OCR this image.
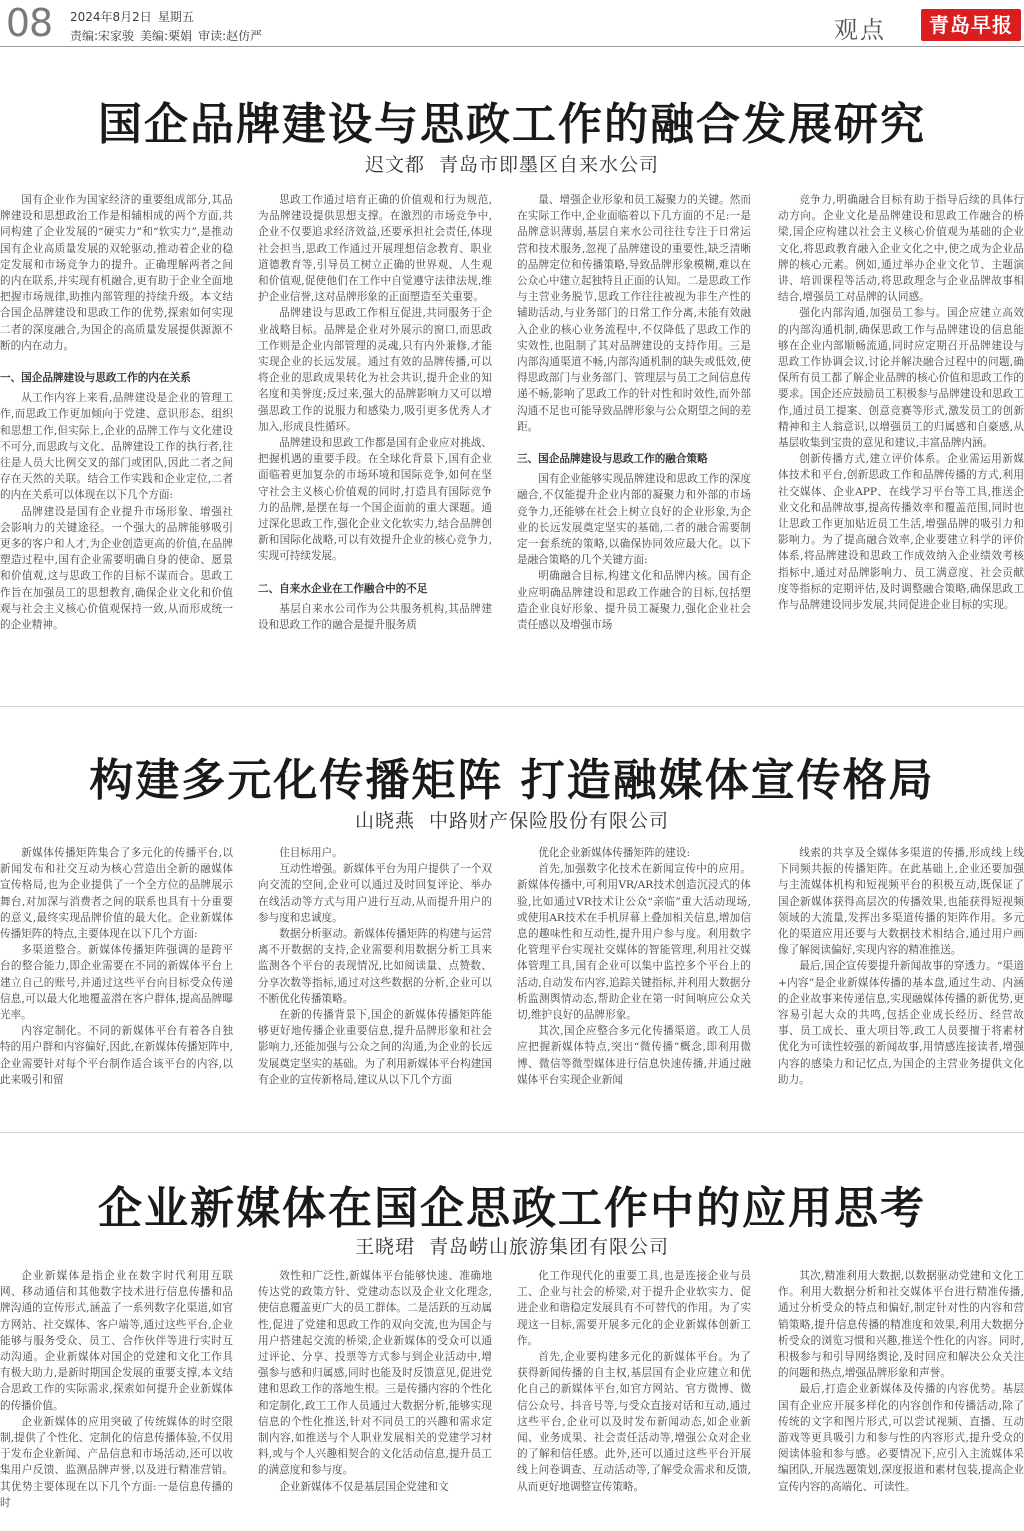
08	2024年8月2日 星期五
责编:宋家骏 美编:栗娟 审读:赵仿严	观点	青岛早报
国企品牌建设与思政工作的融合发展研究
迟文都 青岛市即墨区自来水公司

国有企业作为国家经济的重要组成部分,其品牌建设和思想政治工作是相辅相成的两个方面,共同构建了企业发展的“硬实力”和“软实力”,是推动国有企业高质量发展的双轮驱动,推动着企业的稳定发展和市场竞争力的提升。正确理解两者之间的内在联系,并实现有机融合,更有助于企业全面地把握市场规律,助推内部管理的持续升级。本文结合国企品牌建设和思政工作的优势,探索如何实现二者的深度融合,为国企的高质量发展提供源源不断的内在动力。

一、国企品牌建设与思政工作的内在关系

从工作内容上来看,品牌建设是企业的管理工作,而思政工作更加倾向于党建、意识形态、组织和思想工作,但实际上,企业的品牌工作与文化建设不可分,而思政与文化、品牌建设工作的执行者,往往是人员大比例交叉的部门或团队,因此二者之间存在天然的关联。结合工作实践和企业定位,二者的内在关系可以体现在以下几个方面:

品牌建设是国有企业提升市场形象、增强社会影响力的关键途径。一个强大的品牌能够吸引更多的客户和人才,为企业创造更高的价值,在品牌塑造过程中,国有企业需要明确自身的使命、愿景和价值观,这与思政工作的目标不谋而合。思政工作旨在加强员工的思想教育,确保企业文化和价值观与社会主义核心价值观保持一致,从而形成统一的企业精神。

思政工作通过培育正确的价值观和行为规范,为品牌建设提供思想支撑。在激烈的市场竞争中,企业不仅要追求经济效益,还要承担社会责任,体现社会担当,思政工作通过开展理想信念教育、职业道德教育等,引导员工树立正确的世界观、人生观和价值观,促使他们在工作中自觉遵守法律法规,维护企业信誉,这对品牌形象的正面塑造至关重要。

品牌建设与思政工作相互促进,共同服务于企业战略目标。品牌是企业对外展示的窗口,而思政工作则是企业内部管理的灵魂,只有内外兼修,才能实现企业的长远发展。通过有效的品牌传播,可以将企业的思政成果转化为社会共识,提升企业的知名度和美誉度;反过来,强大的品牌影响力又可以增强思政工作的说服力和感染力,吸引更多优秀人才加入,形成良性循环。

品牌建设和思政工作都是国有企业应对挑战、把握机遇的重要手段。在全球化背景下,国有企业面临着更加复杂的市场环境和国际竞争,如何在坚守社会主义核心价值观的同时,打造具有国际竞争力的品牌,是摆在每一个国企面前的重大课题。通过深化思政工作,强化企业文化软实力,结合品牌创新和国际化战略,可以有效提升企业的核心竞争力,实现可持续发展。

二、自来水企业在工作融合中的不足

基层自来水公司作为公共服务机构,其品牌建设和思政工作的融合是提升服务质

量、增强企业形象和员工凝聚力的关键。然而在实际工作中,企业面临着以下几方面的不足:一是品牌意识薄弱,基层自来水公司往往专注于日常运营和技术服务,忽视了品牌建设的重要性,缺乏清晰的品牌定位和传播策略,导致品牌形象模糊,难以在公众心中建立起独特且正面的认知。二是思政工作与主营业务脱节,思政工作往往被视为非生产性的辅助活动,与业务部门的日常工作分离,未能有效融入企业的核心业务流程中,不仅降低了思政工作的实效性,也阻制了其对品牌建设的支持作用。三是内部沟通渠道不畅,内部沟通机制的缺失或低效,使得思政部门与业务部门、管理层与员工之间信息传递不畅,影响了思政工作的针对性和时效性,而外部沟通不足也可能导致品牌形象与公众期望之间的差距。

三、国企品牌建设与思政工作的融合策略

国有企业能够实现品牌建设和思政工作的深度融合,不仅能提升企业内部的凝聚力和外部的市场竞争力,还能够在社会上树立良好的企业形象,为企业的长远发展奠定坚实的基础,二者的融合需要制定一套系统的策略,以确保协同效应最大化。以下是融合策略的几个关键方面:

明确融合目标,构建文化和品牌内核。国有企业应明确品牌建设和思政工作融合的目标,包括塑造企业良好形象、提升员工凝聚力,强化企业社会责任感以及增强市场

竞争力,明确融合目标有助于指导后续的具体行动方向。企业文化是品牌建设和思政工作融合的桥梁,国企应构建以社会主义核心价值观为基础的企业文化,将思政教育融入企业文化之中,使之成为企业品牌的核心元素。例如,通过举办企业文化节、主题演讲、培训课程等活动,将思政理念与企业品牌故事相结合,增强员工对品牌的认同感。

强化内部沟通,加强员工参与。国企应建立高效的内部沟通机制,确保思政工作与品牌建设的信息能够在企业内部顺畅流通,同时应定期召开品牌建设与思政工作协调会议,讨论并解决融合过程中的问题,确保所有员工都了解企业品牌的核心价值和思政工作的要求。国企还应鼓励员工积极参与品牌建设和思政工作,通过员工提案、创意竞赛等形式,激发员工的创新精神和主人翁意识,以增强员工的归属感和自豪感,从基层收集到宝贵的意见和建议,丰富品牌内涵。

创新传播方式,建立评价体系。企业需运用新媒体技术和平台,创新思政工作和品牌传播的方式,利用社交媒体、企业APP、在线学习平台等工具,推送企业文化和品牌故事,提高传播效率和覆盖范围,同时也让思政工作更加贴近员工生活,增强品牌的吸引力和影响力。为了提高融合效率,企业要建立科学的评价体系,将品牌建设和思政工作成效纳入企业绩效考核指标中,通过对品牌影响力、员工满意度、社会贡献度等指标的定期评估,及时调整融合策略,确保思政工作与品牌建设同步发展,共同促进企业目标的实现。

构建多元化传播矩阵 打造融媒体宣传格局
山晓燕 中路财产保险股份有限公司

新媒体传播矩阵集合了多元化的传播平台,以新闻发布和社交互动为核心营造出全新的融媒体宣传格局,也为企业提供了一个全方位的品牌展示舞台,对加深与消费者之间的联系也具有十分重要的意义,最终实现品牌价值的最大化。企业新媒体传播矩阵的特点,主要体现在以下几个方面:

多渠道整合。新媒体传播矩阵强调的是跨平台的整合能力,即企业需要在不同的新媒体平台上建立自己的账号,并通过这些平台向目标受众传递信息,可以最大化地覆盖潜在客户群体,提高品牌曝光率。

内容定制化。不同的新媒体平台有着各自独特的用户群和内容偏好,因此,在新媒体传播矩阵中,企业需要针对每个平台制作适合该平台的内容,以此来吸引和留

住目标用户。

互动性增强。新媒体平台为用户提供了一个双向交流的空间,企业可以通过及时回复评论、举办在线活动等方式与用户进行互动,从而提升用户的参与度和忠诚度。

数据分析驱动。新媒体传播矩阵的构建与运营离不开数据的支持,企业需要利用数据分析工具来监测各个平台的表现情况,比如阅读量、点赞数、分享次数等指标,通过对这些数据的分析,企业可以不断优化传播策略。

在新的传播背景下,国企的新媒体传播矩阵能够更好地传播企业重要信息,提升品牌形象和社会影响力,还能加强与公众之间的沟通,为企业的长远发展奠定坚实的基础。为了利用新媒体平台构建国有企业的宣传新格局,建议从以下几个方面

优化企业新媒体传播矩阵的建设:

首先,加强数字化技术在新闻宣传中的应用。新媒体传播中,可利用VR/AR技术创造沉浸式的体验,比如通过VR技术让公众“亲临”重大活动现场,或使用AR技术在手机屏幕上叠加相关信息,增加信息的趣味性和互动性,提升用户参与度。利用数字化管理平台实现社交媒体的智能管理,利用社交媒体管理工具,国有企业可以集中监控多个平台上的活动,自动发布内容,追踪关键指标,并利用大数据分析监测舆情动态,帮助企业在第一时间响应公众关切,维护良好的品牌形象。

其次,国企应整合多元化传播渠道。政工人员应把握新媒体特点,突出“微传播”概念,即利用微博、微信等微型媒体进行信息快速传播,并通过融媒体平台实现企业新闻

线索的共享及全媒体多渠道的传播,形成线上线下同频共振的传播矩阵。在此基础上,企业还要加强与主流媒体机构和短视频平台的积极互动,既保证了国企新媒体获得高层次的传播效果,也能获得短视频领域的大流量,发挥出多渠道传播的矩阵作用。多元化的渠道应用还要与大数据技术相结合,通过用户画像了解阅读偏好,实现内容的精准推送。

最后,国企宣传要提升新闻故事的穿透力。“渠道+内容”是企业新媒体传播的基本盘,通过生动、内涵的企业故事来传递信息,实现融媒体传播的新优势,更容易引起大众的共鸣,包括企业成长经历、经营故事、员工成长、重大项目等,政工人员要擅于将素材优化为可读性较强的新闻故事,用情感连接读者,增强内容的感染力和记忆点,为国企的主营业务提供文化助力。

企业新媒体在国企思政工作中的应用思考
王晓珺 青岛崂山旅游集团有限公司

企业新媒体是指企业在数字时代利用互联网、移动通信和其他数字技术进行信息传播和品牌沟通的宣传形式,涵盖了一系列数字化渠道,如官方网站、社交媒体、客户端等,通过这些平台,企业能够与服务受众、员工、合作伙伴等进行实时互动沟通。企业新媒体对国企的党建和文化工作具有极大助力,是新时期国企发展的重要支撑,本文结合思政工作的实际需求,探索如何提升企业新媒体的传播价值。

企业新媒体的应用突破了传统媒体的时空限制,提供了个性化、定制化的信息传播体验,不仅用于发布企业新闻、产品信息和市场活动,还可以收集用户反馈、监测品牌声誉,以及进行精准营销。其优势主要体现在以下几个方面:一是信息传播的时

效性和广泛性,新媒体平台能够快速、准确地传达党的政策方针、党建动态以及企业文化理念,使信息覆盖更广大的员工群体。二是活跃的互动属性,促进了党建和思政工作的双向交流,也为国企与用户搭建起交流的桥梁,企业新媒体的受众可以通过评论、分享、投票等方式参与到企业活动中,增强参与感和归属感,同时也能及时反馈意见,促进党建和思政工作的落地生根。三是传播内容的个性化和定制化,政工工作人员通过大数据分析,能够实现信息的个性化推送,针对不同员工的兴趣和需求定制内容,如推送与个人职业发展相关的党建学习材料,或与个人兴趣相契合的文化活动信息,提升员工的满意度和参与度。

企业新媒体不仅是基层国企党建和文

化工作现代化的重要工具,也是连接企业与员工、企业与社会的桥梁,对于提升企业软实力、促进企业和谐稳定发展具有不可替代的作用。为了实现这一目标,需要开展多元化的企业新媒体创新工作。

首先,企业要构建多元化的新媒体平台。为了获得新闻传播的自主权,基层国有企业应建立和优化自己的新媒体平台,如官方网站、官方微博、微信公众号、抖音号等,与受众直接对话和互动,通过这些平台,企业可以及时发布新闻动态,如企业新闻、业务成果、社会责任活动等,增强公众对企业的了解和信任感。此外,还可以通过这些平台开展线上问卷调查、互动活动等,了解受众需求和反馈,从而更好地调整宣传策略。

其次,精准利用大数据,以数据驱动党建和文化工作。利用大数据分析和社交媒体平台进行精准传播,通过分析受众的特点和偏好,制定针对性的内容和营销策略,提升信息传播的精准度和效果,利用大数据分析受众的浏览习惯和兴趣,推送个性化的内容。同时,积极参与和引导网络舆论,及时回应和解决公众关注的问题和热点,增强品牌形象和声誉。

最后,打造企业新媒体及传播的内容优势。基层国有企业应开展多样化的内容创作和传播活动,除了传统的文字和图片形式,可以尝试视频、直播、互动游戏等更具吸引力和参与性的内容形式,提升受众的阅读体验和参与感。必要情况下,应引入主流媒体采编团队,开展选题策划,深度报道和素材包装,提高企业宣传内容的高端化、可读性。
